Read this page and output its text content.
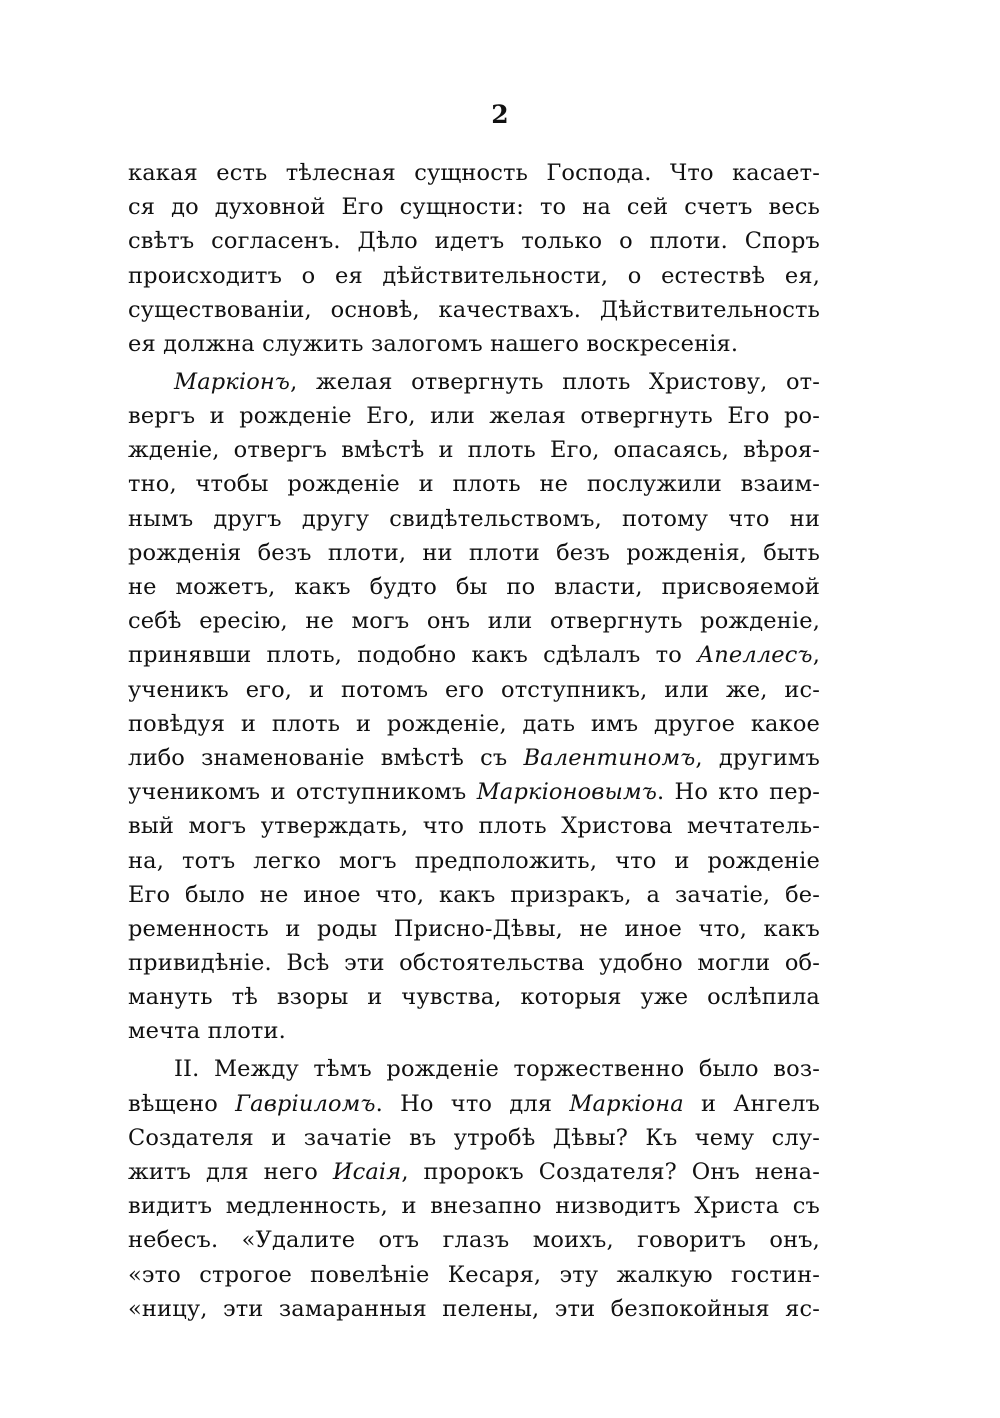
2
какая есть тѣлесная сущность Господа. Что касает-
ся до духовной Его сущности: то на сей счетъ весь
свѣтъ согласенъ. Дѣло идетъ только о плоти. Споръ
происходитъ о ея дѣйствительности, о естествѣ ея,
существованіи, основѣ, качествахъ. Дѣйствительность
ея должна служить залогомъ нашего воскресенія.
Маркіонъ, желая отвергнуть плоть Христову, от-
вергъ и рожденіе Его, или желая отвергнуть Его ро-
жденіе, отвергъ вмѣстѣ и плоть Его, опасаясь, вѣроя-
тно, чтобы рожденіе и плоть не послужили взаим-
нымъ другъ другу свидѣтельствомъ, потому что ни
рожденія безъ плоти, ни плоти безъ рожденія, быть
не можетъ, какъ будто бы по власти, присвояемой
себѣ ересію, не могъ онъ или отвергнуть рожденіе,
принявши плоть, подобно какъ сдѣлалъ то Апеллесъ,
ученикъ его, и потомъ его отступникъ, или же, ис-
повѣдуя и плоть и рожденіе, дать имъ другое какое
либо знаменованіе вмѣстѣ съ Валентиномъ, другимъ
ученикомъ и отступникомъ Маркіоновымъ. Но кто пер-
вый могъ утверждать, что плоть Христова мечтатель-
на, тотъ легко могъ предположить, что и рожденіе
Его было не иное что, какъ призракъ, а зачатіе, бе-
ременность и роды Присно-Дѣвы, не иное что, какъ
привидѣніе. Всѣ эти обстоятельства удобно могли об-
мануть тѣ взоры и чувства, которыя уже ослѣпила
мечта плоти.
II. Между тѣмъ рожденіе торжественно было воз-
вѣщено Гавріиломъ. Но что для Маркіона и Ангелъ
Создателя и зачатіе въ утробѣ Дѣвы? Къ чему слу-
житъ для него Исаія, пророкъ Создателя? Онъ нена-
видитъ медленность, и внезапно низводитъ Христа съ
небесъ. «Удалите отъ глазъ моихъ, говоритъ онъ,
«это строгое повелѣніе Кесаря, эту жалкую гостин-
«ницу, эти замаранныя пелены, эти безпокойныя яс-
